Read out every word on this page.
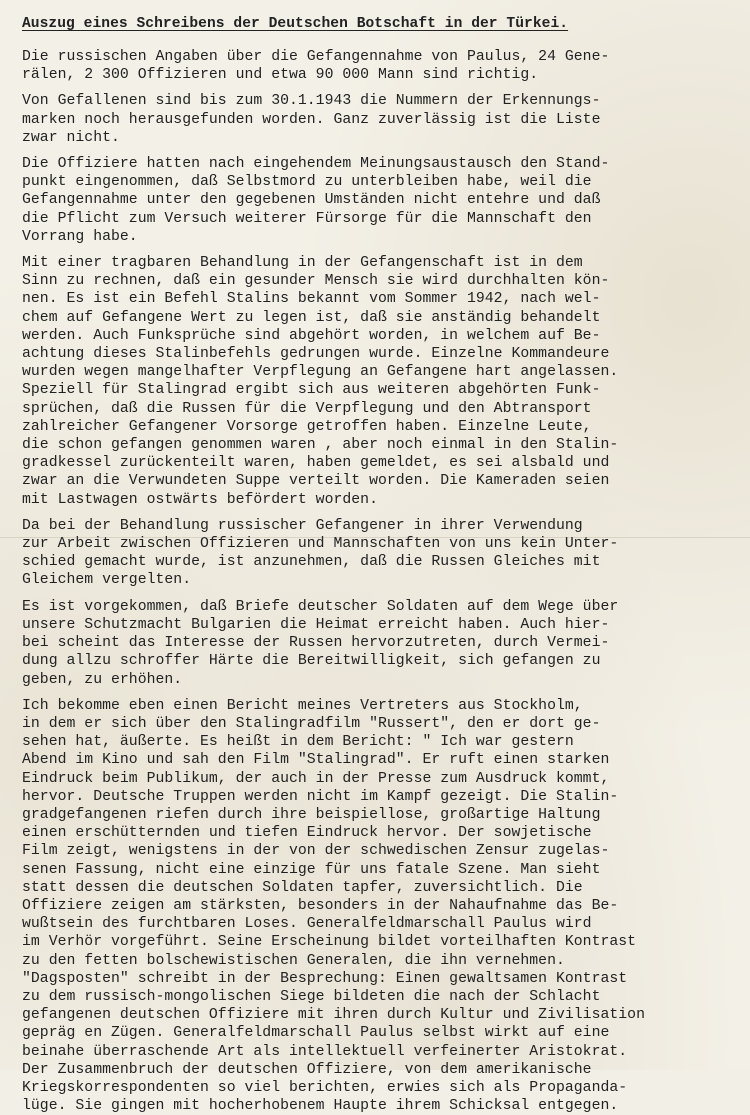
Auszug eines Schreibens der Deutschen Botschaft in der Türkei.
Die russischen Angaben über die Gefangennahme von Paulus, 24 Gene-
rälen, 2 300 Offizieren und etwa 90 000 Mann sind richtig.
Von Gefallenen sind bis zum 30.1.1943 die Nummern der Erkennungs-
marken noch herausgefunden worden. Ganz zuverlässig ist die Liste
zwar nicht.
Die Offiziere hatten nach eingehendem Meinungsaustausch den Stand-
punkt eingenommen, daß Selbstmord zu unterbleiben habe, weil die
Gefangennahme unter den gegebenen Umständen nicht entehre und daß
die Pflicht zum Versuch weiterer Fürsorge für die Mannschaft den
Vorrang habe.
Mit einer tragbaren Behandlung in der Gefangenschaft ist in dem
Sinn zu rechnen, daß ein gesunder Mensch sie wird durchhalten kön-
nen. Es ist ein Befehl Stalins bekannt vom Sommer 1942, nach wel-
chem auf Gefangene Wert zu legen ist, daß sie anständig behandelt
werden. Auch Funksprüche sind abgehört worden, in welchem auf Be-
achtung dieses Stalinbefehls gedrungen wurde. Einzelne Kommandeure
wurden wegen mangelhafter Verpflegung an Gefangene hart angelassen.
Speziell für Stalingrad ergibt sich aus weiteren abgehörten Funk-
sprüchen, daß die Russen für die Verpflegung und den Abtransport
zahlreicher Gefangener Vorsorge getroffen haben. Einzelne Leute,
die schon gefangen genommen waren , aber noch einmal in den Stalin-
gradkessel zurückenteilt waren, haben gemeldet, es sei alsbald und
zwar an die Verwundeten Suppe verteilt worden. Die Kameraden seien
mit Lastwagen ostwärts befördert worden.
Da bei der Behandlung russischer Gefangener in ihrer Verwendung
zur Arbeit zwischen Offizieren und Mannschaften von uns kein Unter-
schied gemacht wurde, ist anzunehmen, daß die Russen Gleiches mit
Gleichem vergelten.
Es ist vorgekommen, daß Briefe deutscher Soldaten auf dem Wege über
unsere Schutzmacht Bulgarien die Heimat erreicht haben. Auch hier-
bei scheint das Interesse der Russen hervorzutreten, durch Vermei-
dung allzu schroffer Härte die Bereitwilligkeit, sich gefangen zu
geben, zu erhöhen.
Ich bekomme eben einen Bericht meines Vertreters aus Stockholm,
in dem er sich über den Stalingradfilm "Russert", den er dort ge-
sehen hat, äußerte. Es heißt in dem Bericht: " Ich war gestern
Abend im Kino und sah den Film "Stalingrad". Er ruft einen starken
Eindruck beim Publikum, der auch in der Presse zum Ausdruck kommt,
hervor. Deutsche Truppen werden nicht im Kampf gezeigt. Die Stalin-
gradgefangenen riefen durch ihre beispiellose, großartige Haltung
einen erschütternden und tiefen Eindruck hervor. Der sowjetische
Film zeigt, wenigstens in der von der schwedischen Zensur zugelas-
senen Fassung, nicht eine einzige für uns fatale Szene. Man sieht
statt dessen die deutschen Soldaten tapfer, zuversichtlich. Die
Offiziere zeigen am stärksten, besonders in der Nahaufnahme das Be-
wußtsein des furchtbaren Loses. Generalfeldmarschall Paulus wird
im Verhör vorgeführt. Seine Erscheinung bildet vorteilhaften Kontrast
zu den fetten bolschewistischen Generalen, die ihn vernehmen.
"Dagsposten" schreibt in der Besprechung: Einen gewaltsamen Kontrast
zu dem russisch-mongolischen Siege bildeten die nach der Schlacht
gefangenen deutschen Offiziere mit ihren durch Kultur und Zivilisation
gepräg en Zügen. Generalfeldmarschall Paulus selbst wirkt auf eine
beinahe überraschende Art als intellektuell verfeinerter Aristokrat.
Der Zusammenbruch der deutschen Offiziere, von dem amerikanische
Kriegskorrespondenten so viel berichten, erwies sich als Propaganda-
lüge. Sie gingen mit hocherhobenem Haupte ihrem Schicksal entgegen.
